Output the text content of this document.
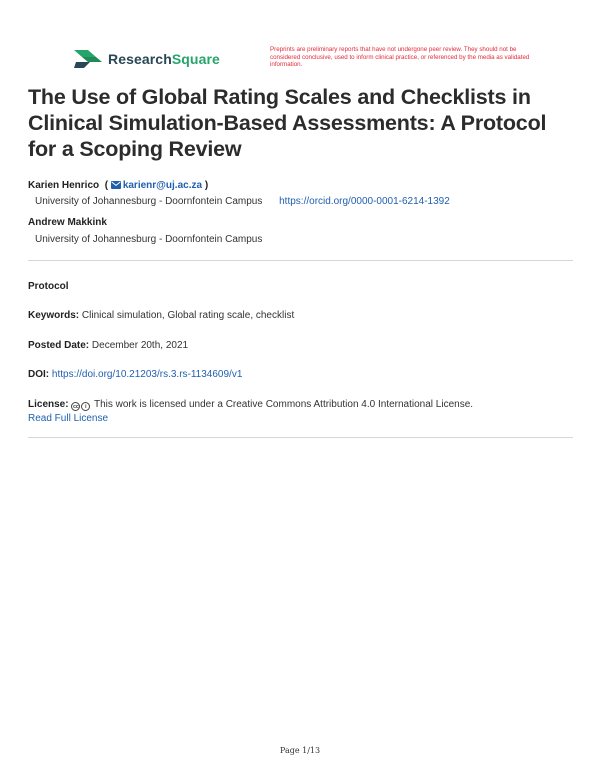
ResearchSquare
Preprints are preliminary reports that have not undergone peer review. They should not be considered conclusive, used to inform clinical practice, or referenced by the media as validated information.
The Use of Global Rating Scales and Checklists in Clinical Simulation-Based Assessments: A Protocol for a Scoping Review
Karien Henrico  ( karienr@uj.ac.za )
University of Johannesburg - Doornfontein Campus https://orcid.org/0000-0001-6214-1392
Andrew Makkink
University of Johannesburg - Doornfontein Campus
Protocol
Keywords: Clinical simulation, Global rating scale, checklist
Posted Date: December 20th, 2021
DOI: https://doi.org/10.21203/rs.3.rs-1134609/v1
License: cc i This work is licensed under a Creative Commons Attribution 4.0 International License.
Read Full License
Page 1/13
